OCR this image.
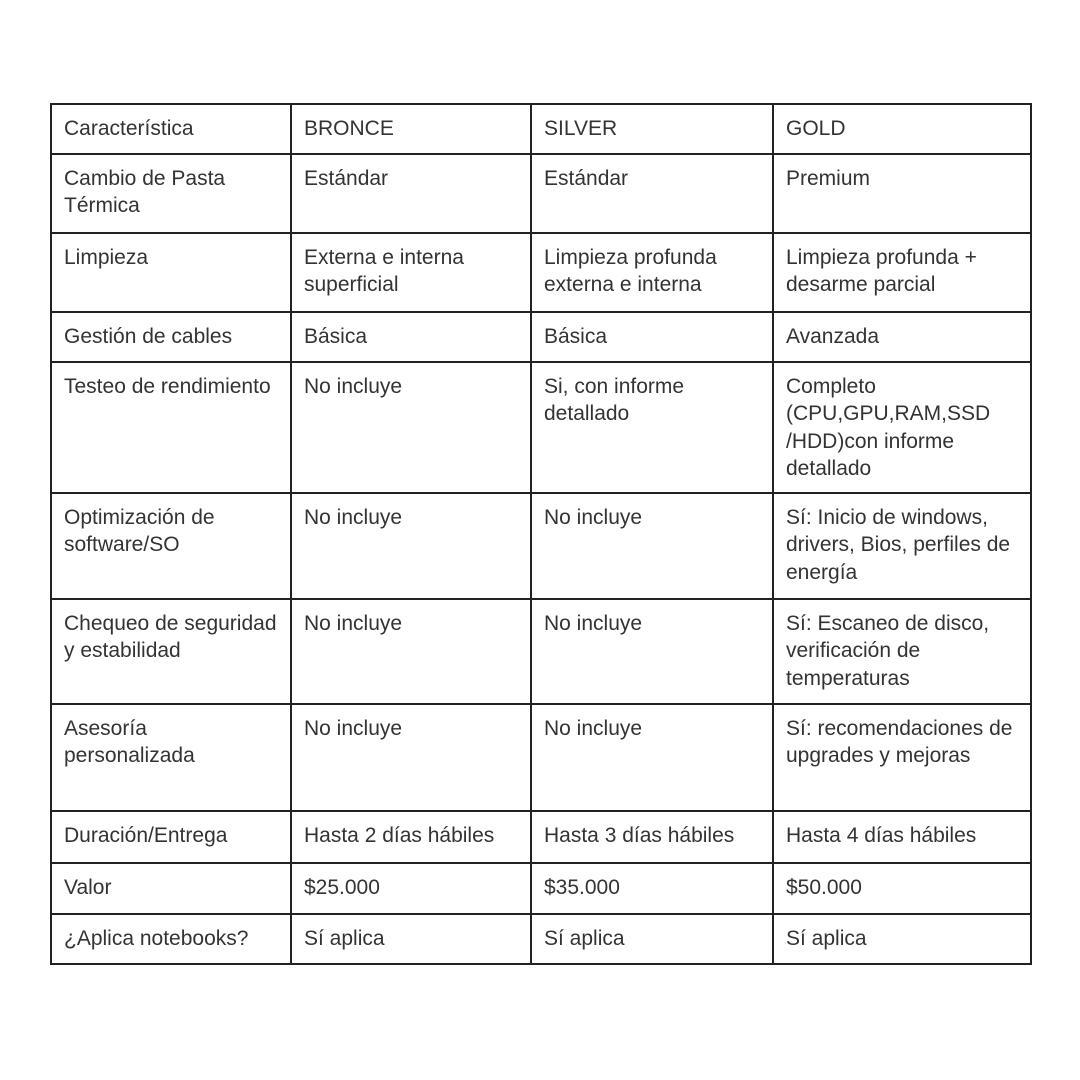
Característica	BRONCE	SILVER	GOLD
Cambio de Pasta Térmica	Estándar	Estándar	Premium
Limpieza	Externa e interna superficial	Limpieza profunda externa e interna	Limpieza profunda + desarme parcial
Gestión de cables	Básica	Básica	Avanzada
Testeo de rendimiento	No incluye	Si, con informe detallado	Completo (CPU,GPU,RAM,SSD /HDD)con informe detallado
Optimización de software/SO	No incluye	No incluye	Sí: Inicio de windows, drivers, Bios, perfiles de energía
Chequeo de seguridad y estabilidad	No incluye	No incluye	Sí: Escaneo de disco, verificación de temperaturas
Asesoría personalizada	No incluye	No incluye	Sí: recomendaciones de upgrades y mejoras
Duración/Entrega	Hasta 2 días hábiles	Hasta 3 días hábiles	Hasta 4 días hábiles
Valor	$25.000	$35.000	$50.000
¿Aplica notebooks?	Sí aplica	Sí aplica	Sí aplica
